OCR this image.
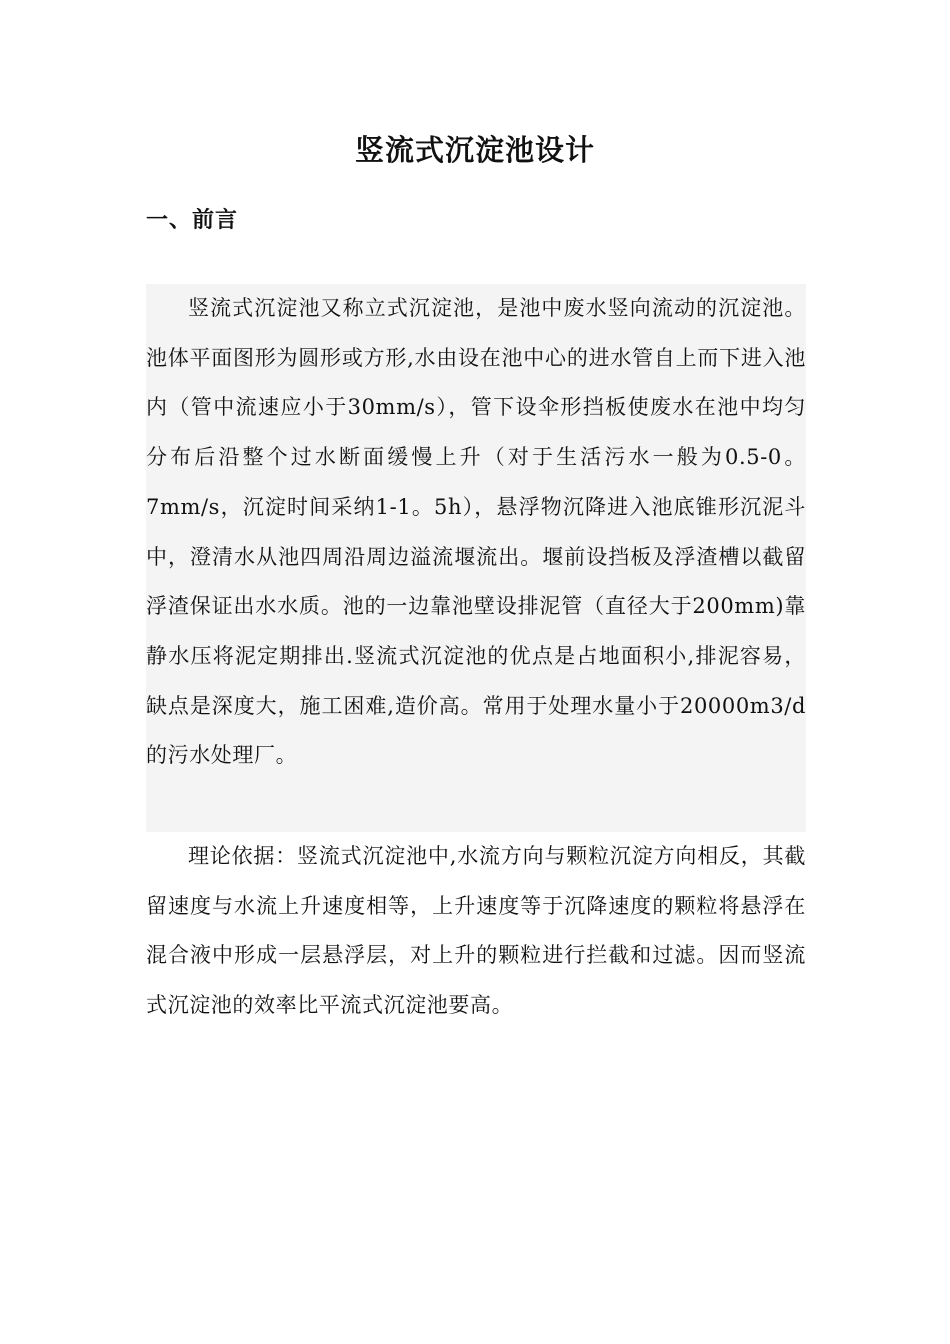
竖流式沉淀池设计
一、前言

竖流式沉淀池又称立式沉淀池，是池中废水竖向流动的沉淀池。池体平面图形为圆形或方形,水由设在池中心的进水管自上而下进入池内（管中流速应小于30mm/s），管下设伞形挡板使废水在池中均匀分布后沿整个过水断面缓慢上升（对于生活污水一般为0.5-0。7mm/s，沉淀时间采纳1-1。5h），悬浮物沉降进入池底锥形沉泥斗中，澄清水从池四周沿周边溢流堰流出。堰前设挡板及浮渣槽以截留浮渣保证出水水质。池的一边靠池壁设排泥管（直径大于200mm)靠静水压将泥定期排出.竖流式沉淀池的优点是占地面积小,排泥容易，缺点是深度大，施工困难,造价高。常用于处理水量小于20000m3/d的污水处理厂。

理论依据：竖流式沉淀池中,水流方向与颗粒沉淀方向相反，其截留速度与水流上升速度相等，上升速度等于沉降速度的颗粒将悬浮在混合液中形成一层悬浮层，对上升的颗粒进行拦截和过滤。因而竖流式沉淀池的效率比平流式沉淀池要高。
